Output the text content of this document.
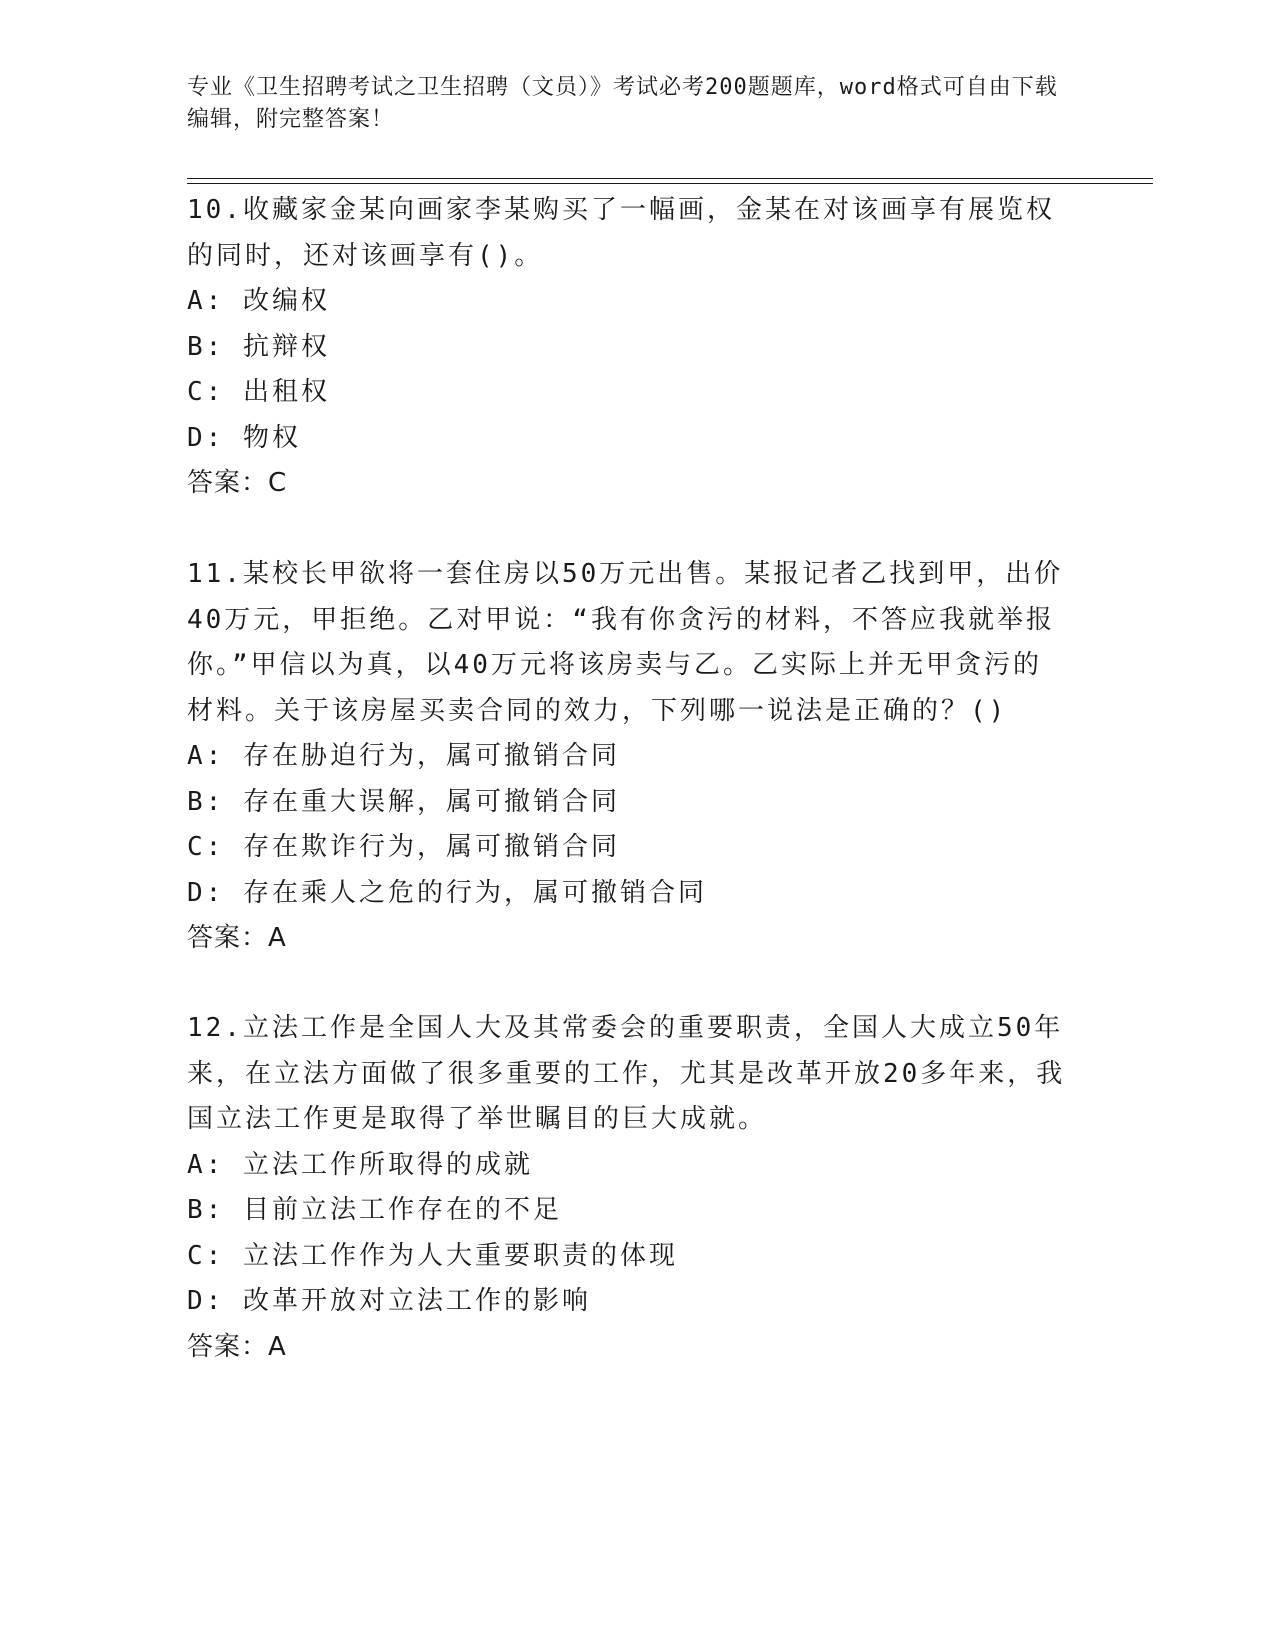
专业《卫生招聘考试之卫生招聘（文员）》考试必考200题题库，word格式可自由下载编辑，附完整答案！

10.收藏家金某向画家李某购买了一幅画，金某在对该画享有展览权的同时，还对该画享有()。

A: 改编权

B: 抗辩权

C: 出租权

D: 物权

答案：C

11.某校长甲欲将一套住房以50万元出售。某报记者乙找到甲，出价40万元，甲拒绝。乙对甲说：“我有你贪污的材料，不答应我就举报你。”甲信以为真，以40万元将该房卖与乙。乙实际上并无甲贪污的材料。关于该房屋买卖合同的效力，下列哪一说法是正确的？()

A: 存在胁迫行为，属可撤销合同

B: 存在重大误解，属可撤销合同

C: 存在欺诈行为，属可撤销合同

D: 存在乘人之危的行为，属可撤销合同

答案：A

12.立法工作是全国人大及其常委会的重要职责，全国人大成立50年来，在立法方面做了很多重要的工作，尤其是改革开放20多年来，我国立法工作更是取得了举世瞩目的巨大成就。

A: 立法工作所取得的成就

B: 目前立法工作存在的不足

C: 立法工作作为人大重要职责的体现

D: 改革开放对立法工作的影响

答案：A
